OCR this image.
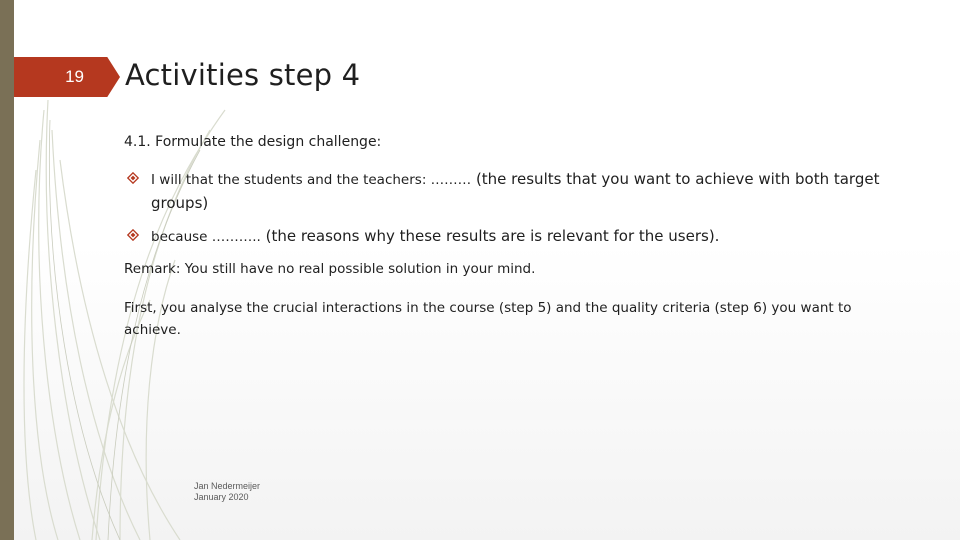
19 Activities step 4

4.1. Formulate the design challenge:

I will that the students and the teachers: ……… (the results that you want to achieve with both target groups)
because ……….. (the reasons why these results are is relevant for the users).

Remark: You still have no real possible solution in your mind.

First, you analyse the crucial interactions in the course (step 5) and the quality criteria (step 6) you want to achieve.

Jan Nedermeijer
January 2020
